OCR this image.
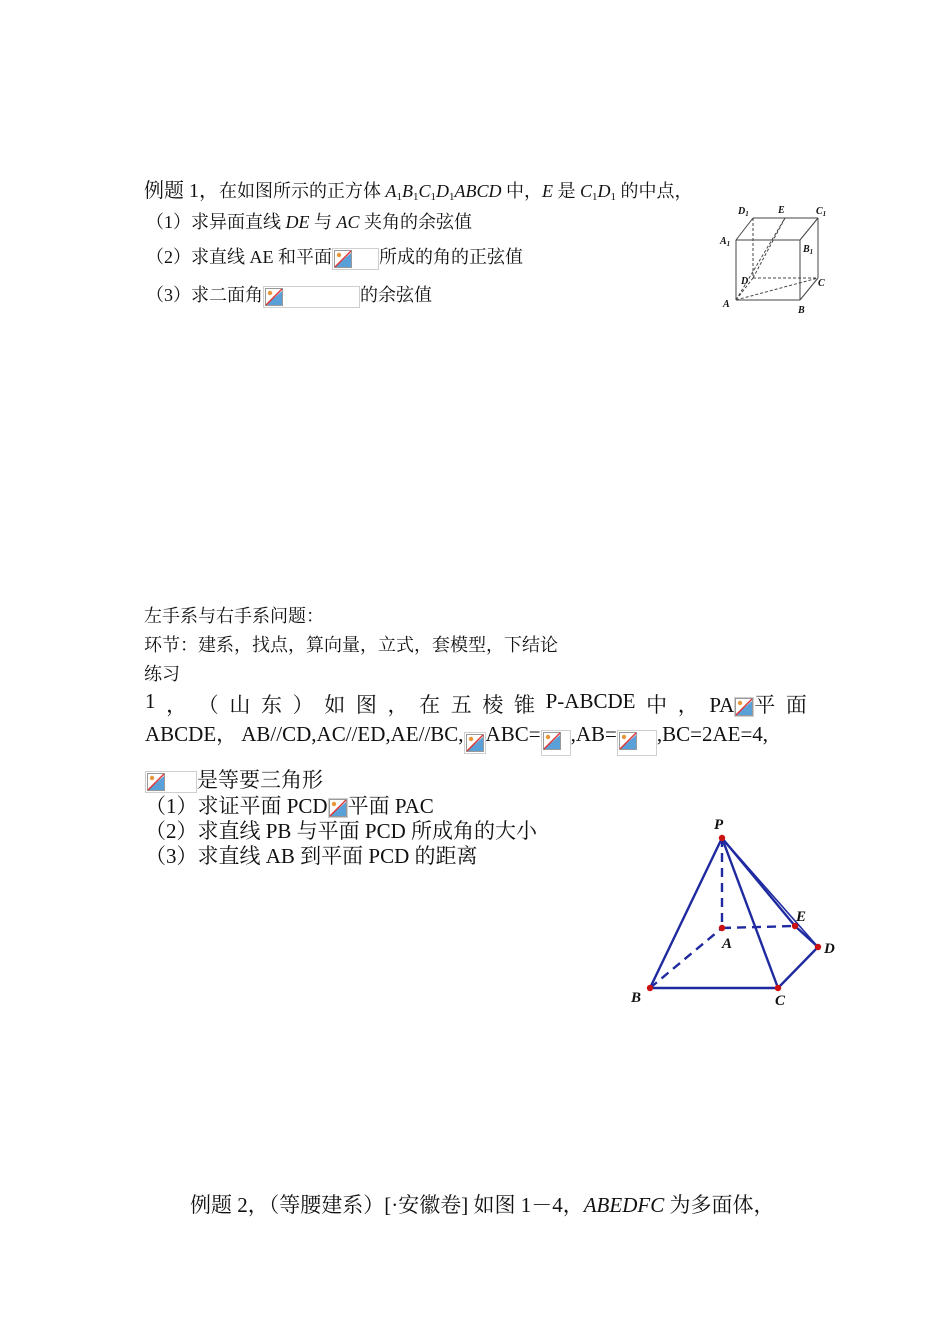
例题 1，在如图所示的正方体 $A_1B_1C_1D_1ABCD$ 中，E 是 $C_1D_1$ 的中点，
（1）求异面直线 DE 与 AC 夹角的余弦值
（2）求直线 AE 和平面	所成的角的正弦值
（3）求二面角	的余弦值
$D_1$	E	$C_1$
$A_1$	$B_1$
D	C
A
B
左手系与右手系问题：
环节：建系，找点，算向量，立式，套模型，下结论
练习
1 ， （ 山 东 ） 如 图 ， 在 五 棱 锥 P-ABCDE 中 ， PA 平 面
ABCDE， AB//CD,AC//ED,AE//BC, ABC= ,AB= ,BC=2AE=4,
是等要三角形
（1）求证平面 PCD 平面 PAC
（2）求直线 PB 与平面 PCD 所成角的大小
（3）求直线 AB 到平面 PCD 的距离
P
E
A	D
B	C
例题 2，（等腰建系）[·安徽卷] 如图 1－4，ABEDFC 为多面体，
